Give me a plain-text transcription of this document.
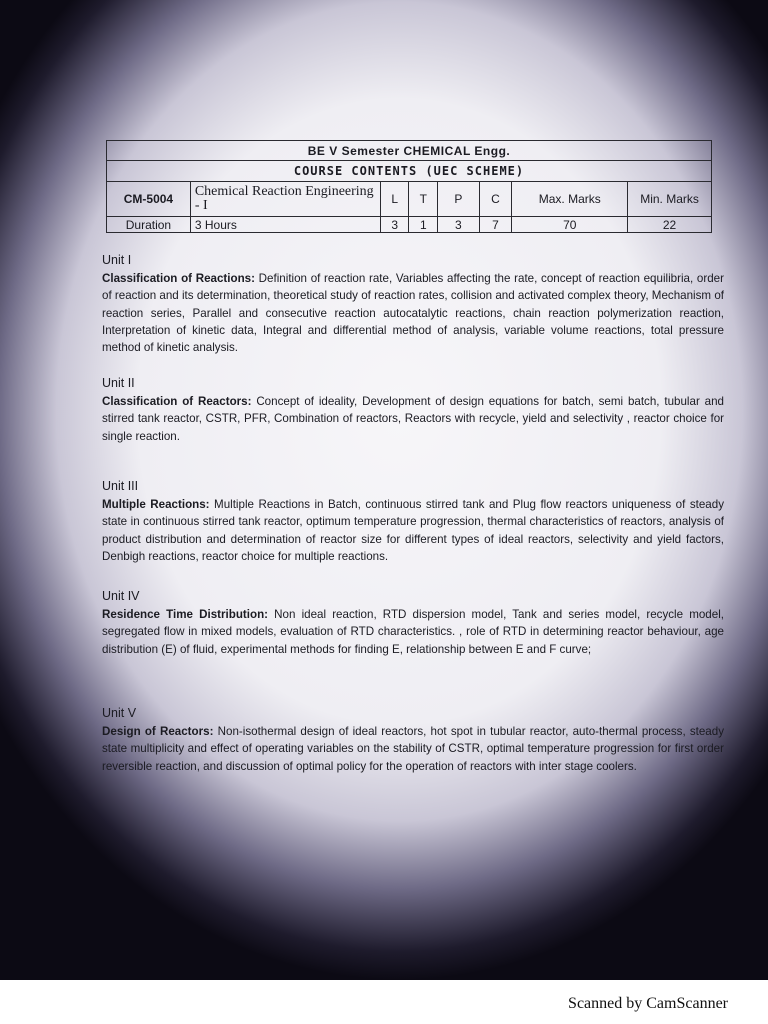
BE V Semester CHEMICAL Engg.							
COURSE CONTENTS (UEC SCHEME)							
CM-5004	Chemical Reaction Engineering - I	L	T	P	C	Max. Marks	Min. Marks
Duration	3 Hours	3	1	3	7	70	22
Unit I
Classification of Reactions: Definition of reaction rate, Variables affecting the rate, concept of reaction equilibria, order of reaction and its determination, theoretical study of reaction rates, collision and activated complex theory, Mechanism of reaction series, Parallel and consecutive reaction autocatalytic reactions, chain reaction polymerization reaction, Interpretation of kinetic data, Integral and differential method of analysis, variable volume reactions, total pressure method of kinetic analysis.
Unit II
Classification of Reactors: Concept of ideality, Development of design equations for batch, semi batch, tubular and stirred tank reactor, CSTR, PFR, Combination of reactors, Reactors with recycle, yield and selectivity , reactor choice for single reaction.
Unit III
Multiple Reactions: Multiple Reactions in Batch, continuous stirred tank and Plug flow reactors uniqueness of steady state in continuous stirred tank reactor, optimum temperature progression, thermal characteristics of reactors, analysis of product distribution and determination of reactor size for different types of ideal reactors, selectivity and yield factors, Denbigh reactions, reactor choice for multiple reactions.
Unit IV
Residence Time Distribution: Non ideal reaction, RTD dispersion model, Tank and series model, recycle model, segregated flow in mixed models, evaluation of RTD characteristics. , role of RTD in determining reactor behaviour, age distribution (E) of fluid, experimental methods for finding E, relationship between E and F curve;
Unit V
Design of Reactors: Non-isothermal design of ideal reactors, hot spot in tubular reactor, auto-thermal process, steady state multiplicity and effect of operating variables on the stability of CSTR, optimal temperature progression for first order reversible reaction, and discussion of optimal policy for the operation of reactors with inter stage coolers.
Scanned by CamScanner
